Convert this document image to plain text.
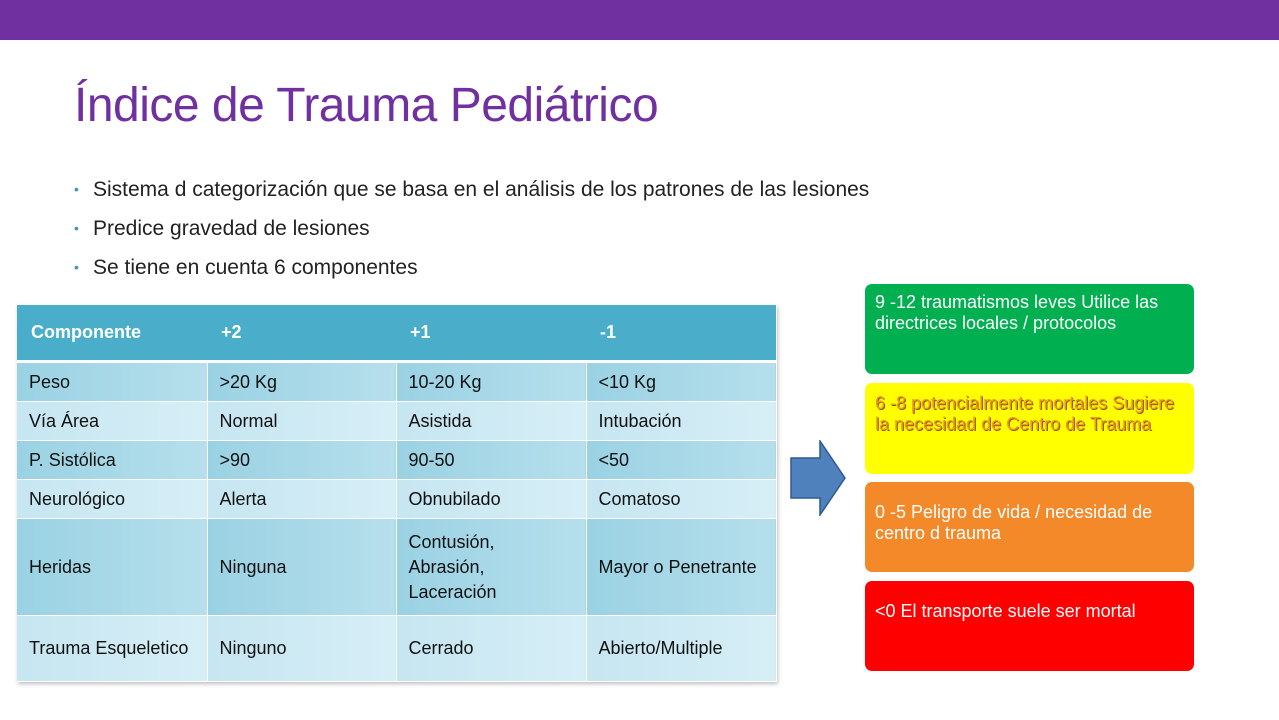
Índice de Trauma Pediátrico
• Sistema d categorización que se basa en el análisis de los patrones de las lesiones
• Predice gravedad de lesiones
• Se tiene en cuenta 6 componentes
Componente	+2	+1	-1
Peso	>20 Kg	10-20 Kg	<10 Kg
Vía Área	Normal	Asistida	Intubación
P. Sistólica	>90	90-50	<50
Neurológico	Alerta	Obnubilado	Comatoso
Heridas	Ninguna	Contusión, Abrasión, Laceración	Mayor o Penetrante
Trauma Esqueletico	Ninguno	Cerrado	Abierto/Multiple
9 -12 traumatismos leves Utilice las directrices locales / protocolos
6 -8 potencialmente mortales Sugiere la necesidad de Centro de Trauma
0 -5 Peligro de vida / necesidad de centro d trauma
<0 El transporte suele ser mortal
